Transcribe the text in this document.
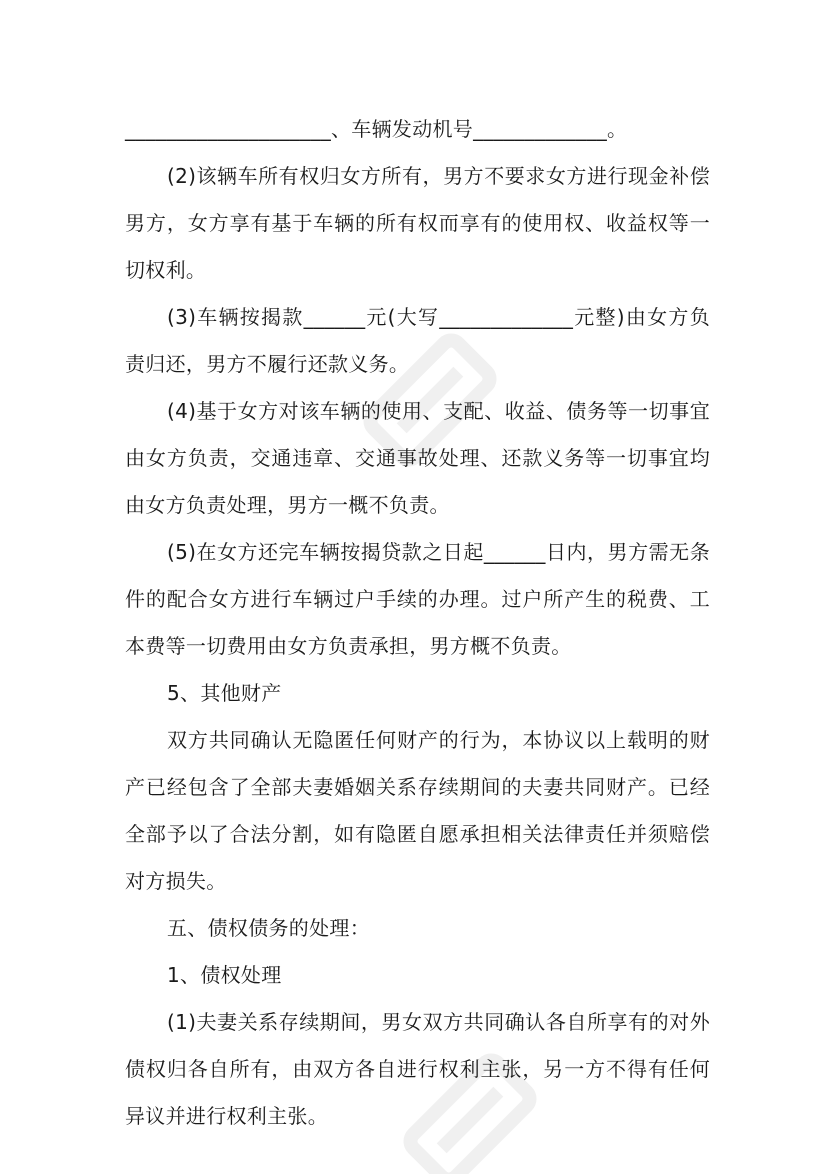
____________________、车辆发动机号_____________。

(2)该辆车所有权归女方所有，男方不要求女方进行现金补偿男方，女方享有基于车辆的所有权而享有的使用权、收益权等一切权利。

(3)车辆按揭款______元(大写_____________元整)由女方负责归还，男方不履行还款义务。

(4)基于女方对该车辆的使用、支配、收益、债务等一切事宜由女方负责，交通违章、交通事故处理、还款义务等一切事宜均由女方负责处理，男方一概不负责。

(5)在女方还完车辆按揭贷款之日起______日内，男方需无条件的配合女方进行车辆过户手续的办理。过户所产生的税费、工本费等一切费用由女方负责承担，男方概不负责。

5、其他财产

双方共同确认无隐匿任何财产的行为，本协议以上载明的财产已经包含了全部夫妻婚姻关系存续期间的夫妻共同财产。已经全部予以了合法分割，如有隐匿自愿承担相关法律责任并须赔偿对方损失。

五、债权债务的处理：

1、债权处理

(1)夫妻关系存续期间，男女双方共同确认各自所享有的对外债权归各自所有，由双方各自进行权利主张，另一方不得有任何异议并进行权利主张。
